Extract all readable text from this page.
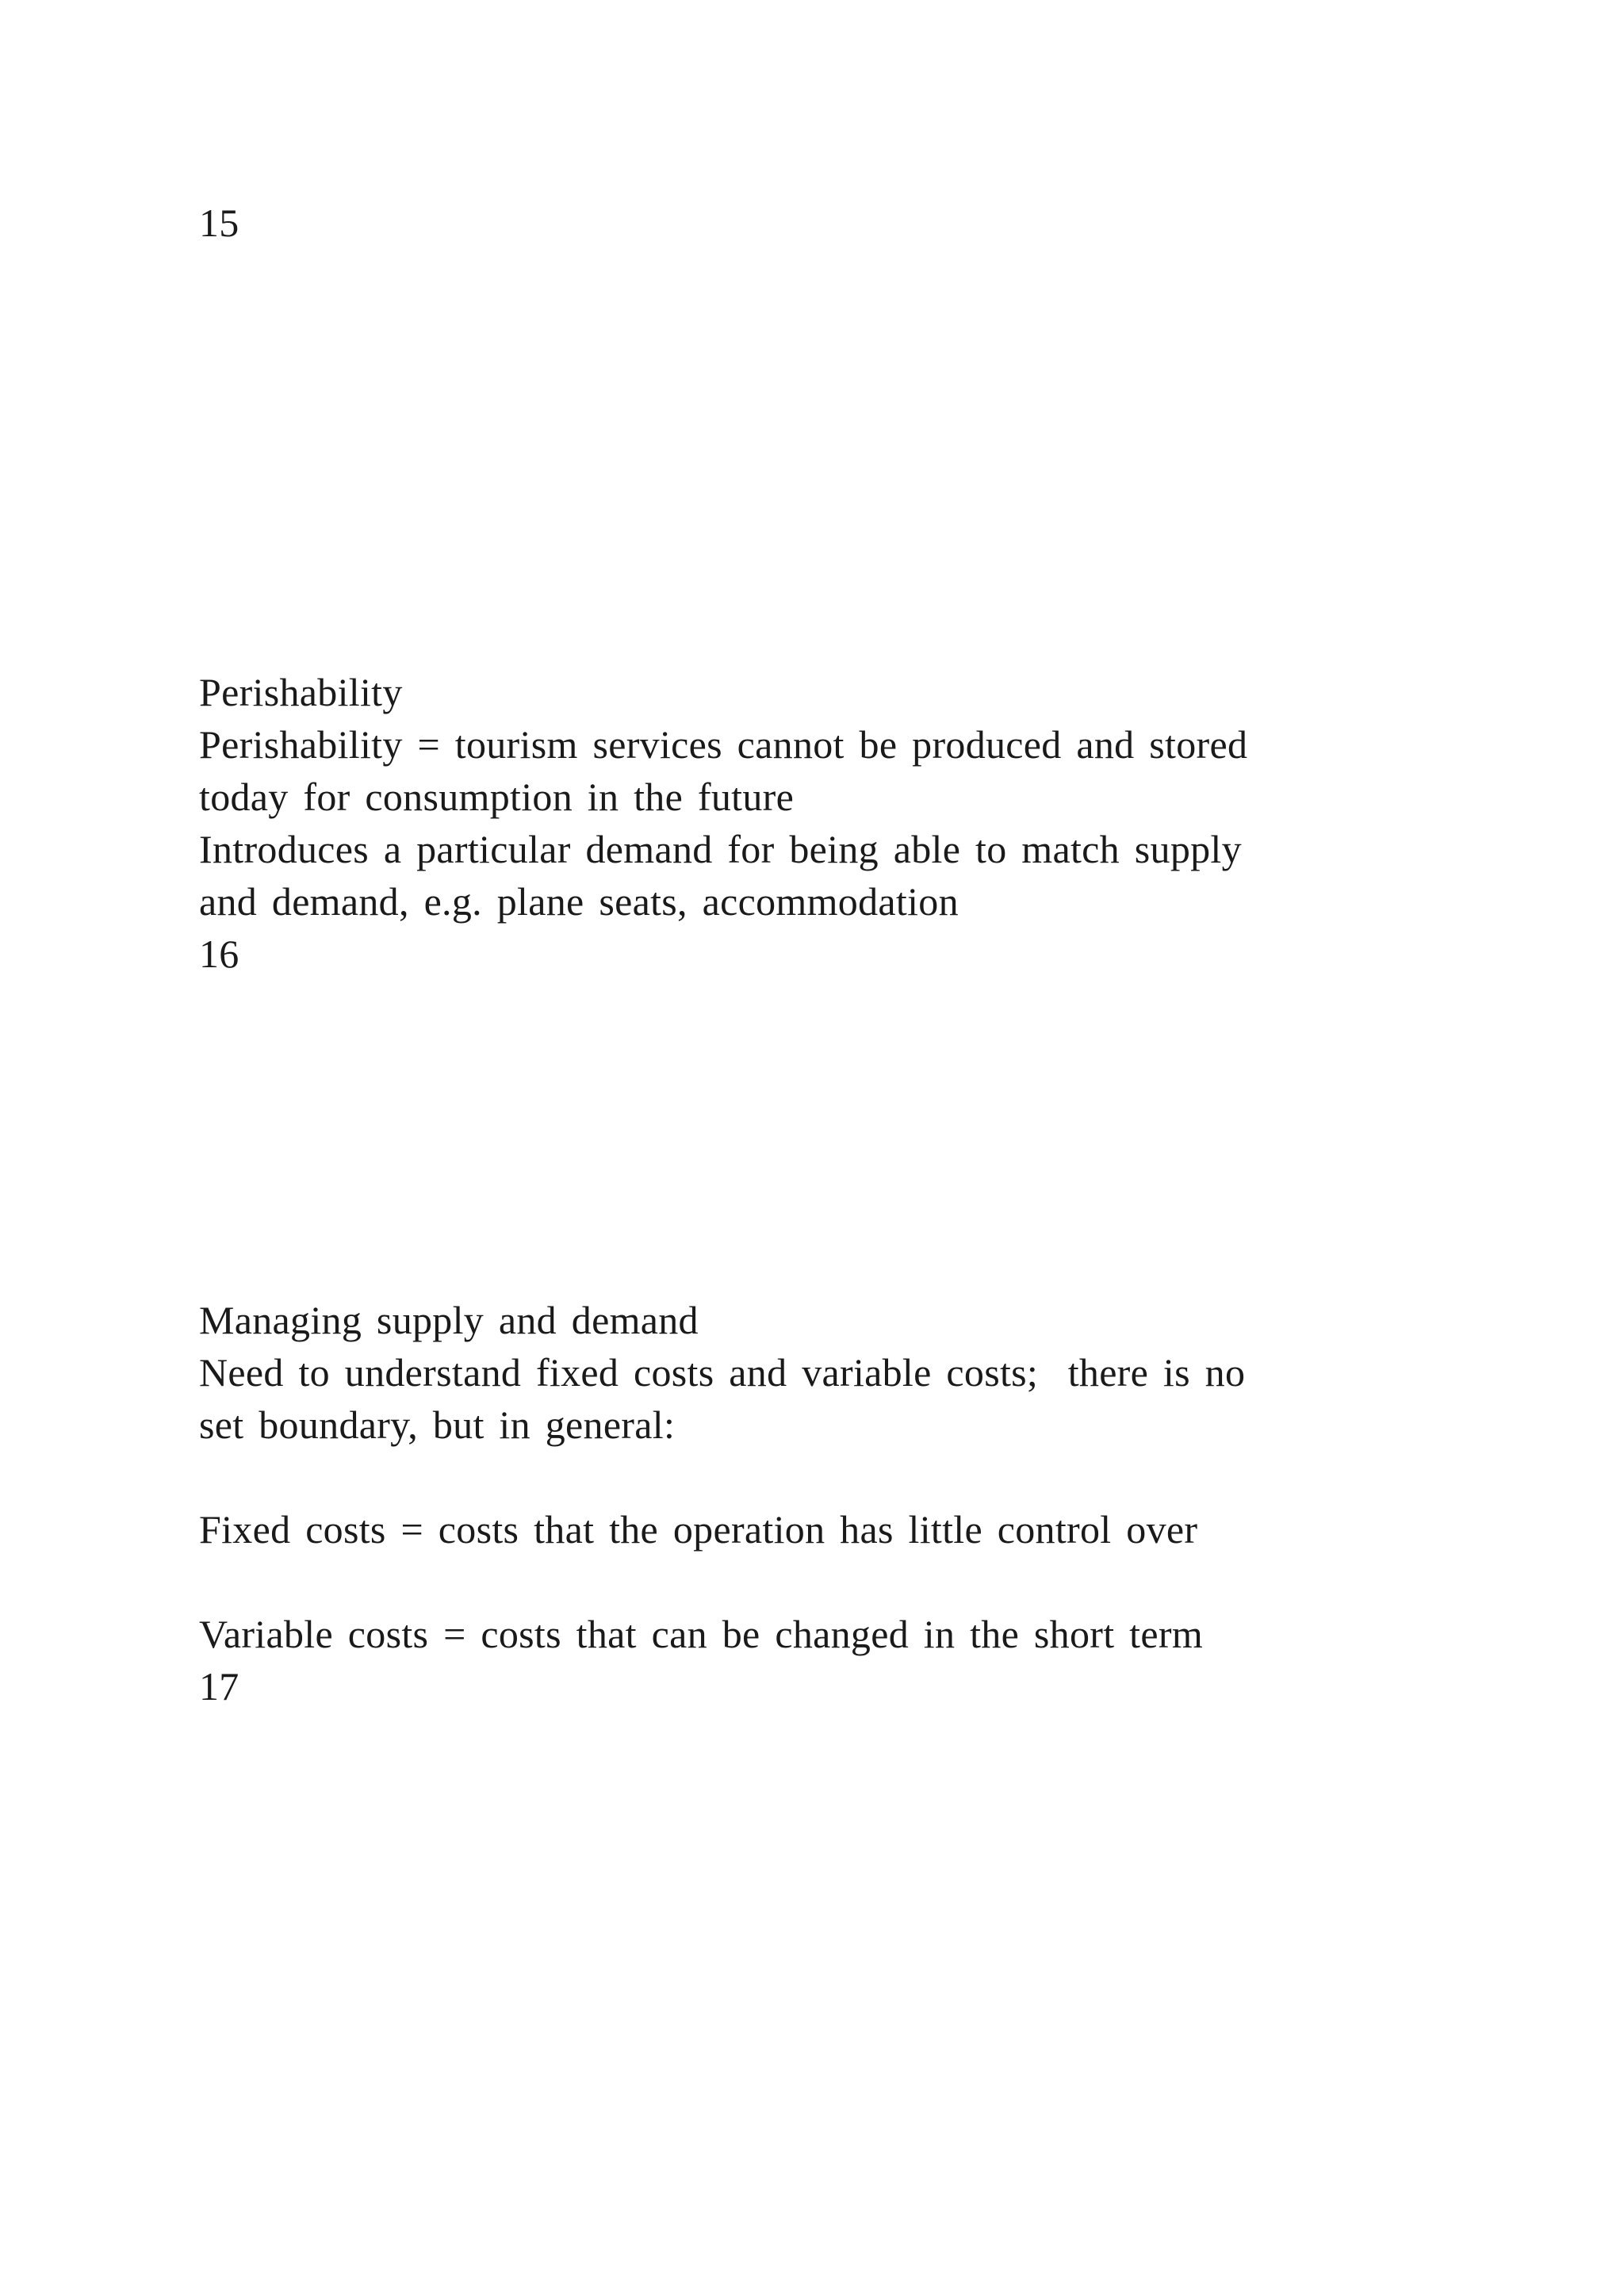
15
Perishability
Perishability = tourism services cannot be produced and stored
today for consumption in the future
Introduces a particular demand for being able to match supply
and demand, e.g. plane seats, accommodation
16
Managing supply and demand
Need to understand fixed costs and variable costs;  there is no
set boundary, but in general:
Fixed costs = costs that the operation has little control over
Variable costs = costs that can be changed in the short term
17
